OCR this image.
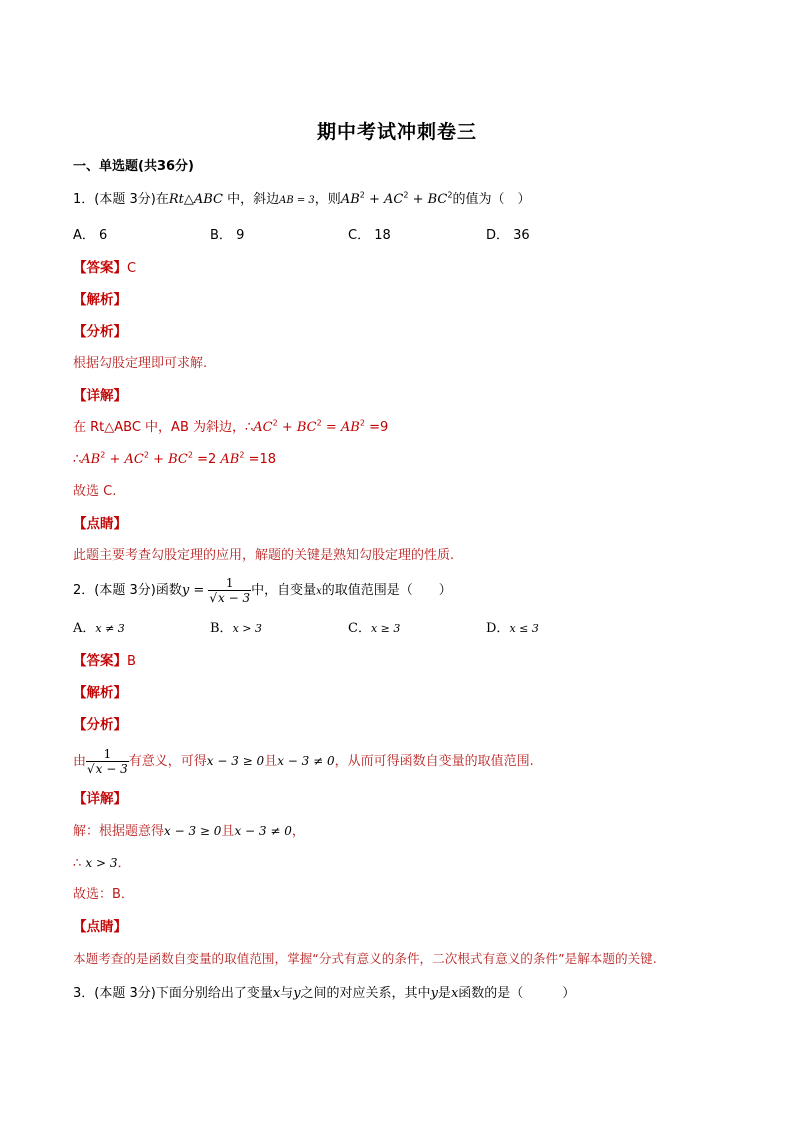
期中考试冲刺卷三
一、单选题(共36分)
1．(本题 3分)在Rt△ABC 中，斜边AB = 3，则$AB^2 + AC^2 + BC^2$的值为（　）
A． 6	B． 9	C． 18	D． 36
【答案】C
【解析】
【分析】
根据勾股定理即可求解.
【详解】
在 Rt△ABC 中，AB 为斜边，$\therefore AC^2 + BC^2 = AB^2 =9$
$\therefore AB^2 + AC^2 + BC^2 =2$ $AB^2 =18$
故选 C.
【点睛】
此题主要考查勾股定理的应用，解题的关键是熟知勾股定理的性质.
2．(本题 3分)函数$y = \frac{1}{√x - 3}$ 中，自变量x的取值范围是（　　）
A．x ≠ 3	B．x > 3	C．x ≥ 3	D．x ≤ 3
【答案】B
【解析】
【分析】
由 $\frac{1}{√x - 3}$ 有意义，可得x − 3 ≥ 0且x − 3 ≠ 0，从而可得函数自变量的取值范围.
【详解】
解：根据题意得x − 3 ≥ 0且x − 3 ≠ 0，
∴ x > 3．
故选：B．
【点睛】
本题考查的是函数自变量的取值范围，掌握“分式有意义的条件，二次根式有意义的条件”是解本题的关键.
3．(本题 3分)下面分别给出了变量x与y之间的对应关系，其中y是x函数的是（　　　）
